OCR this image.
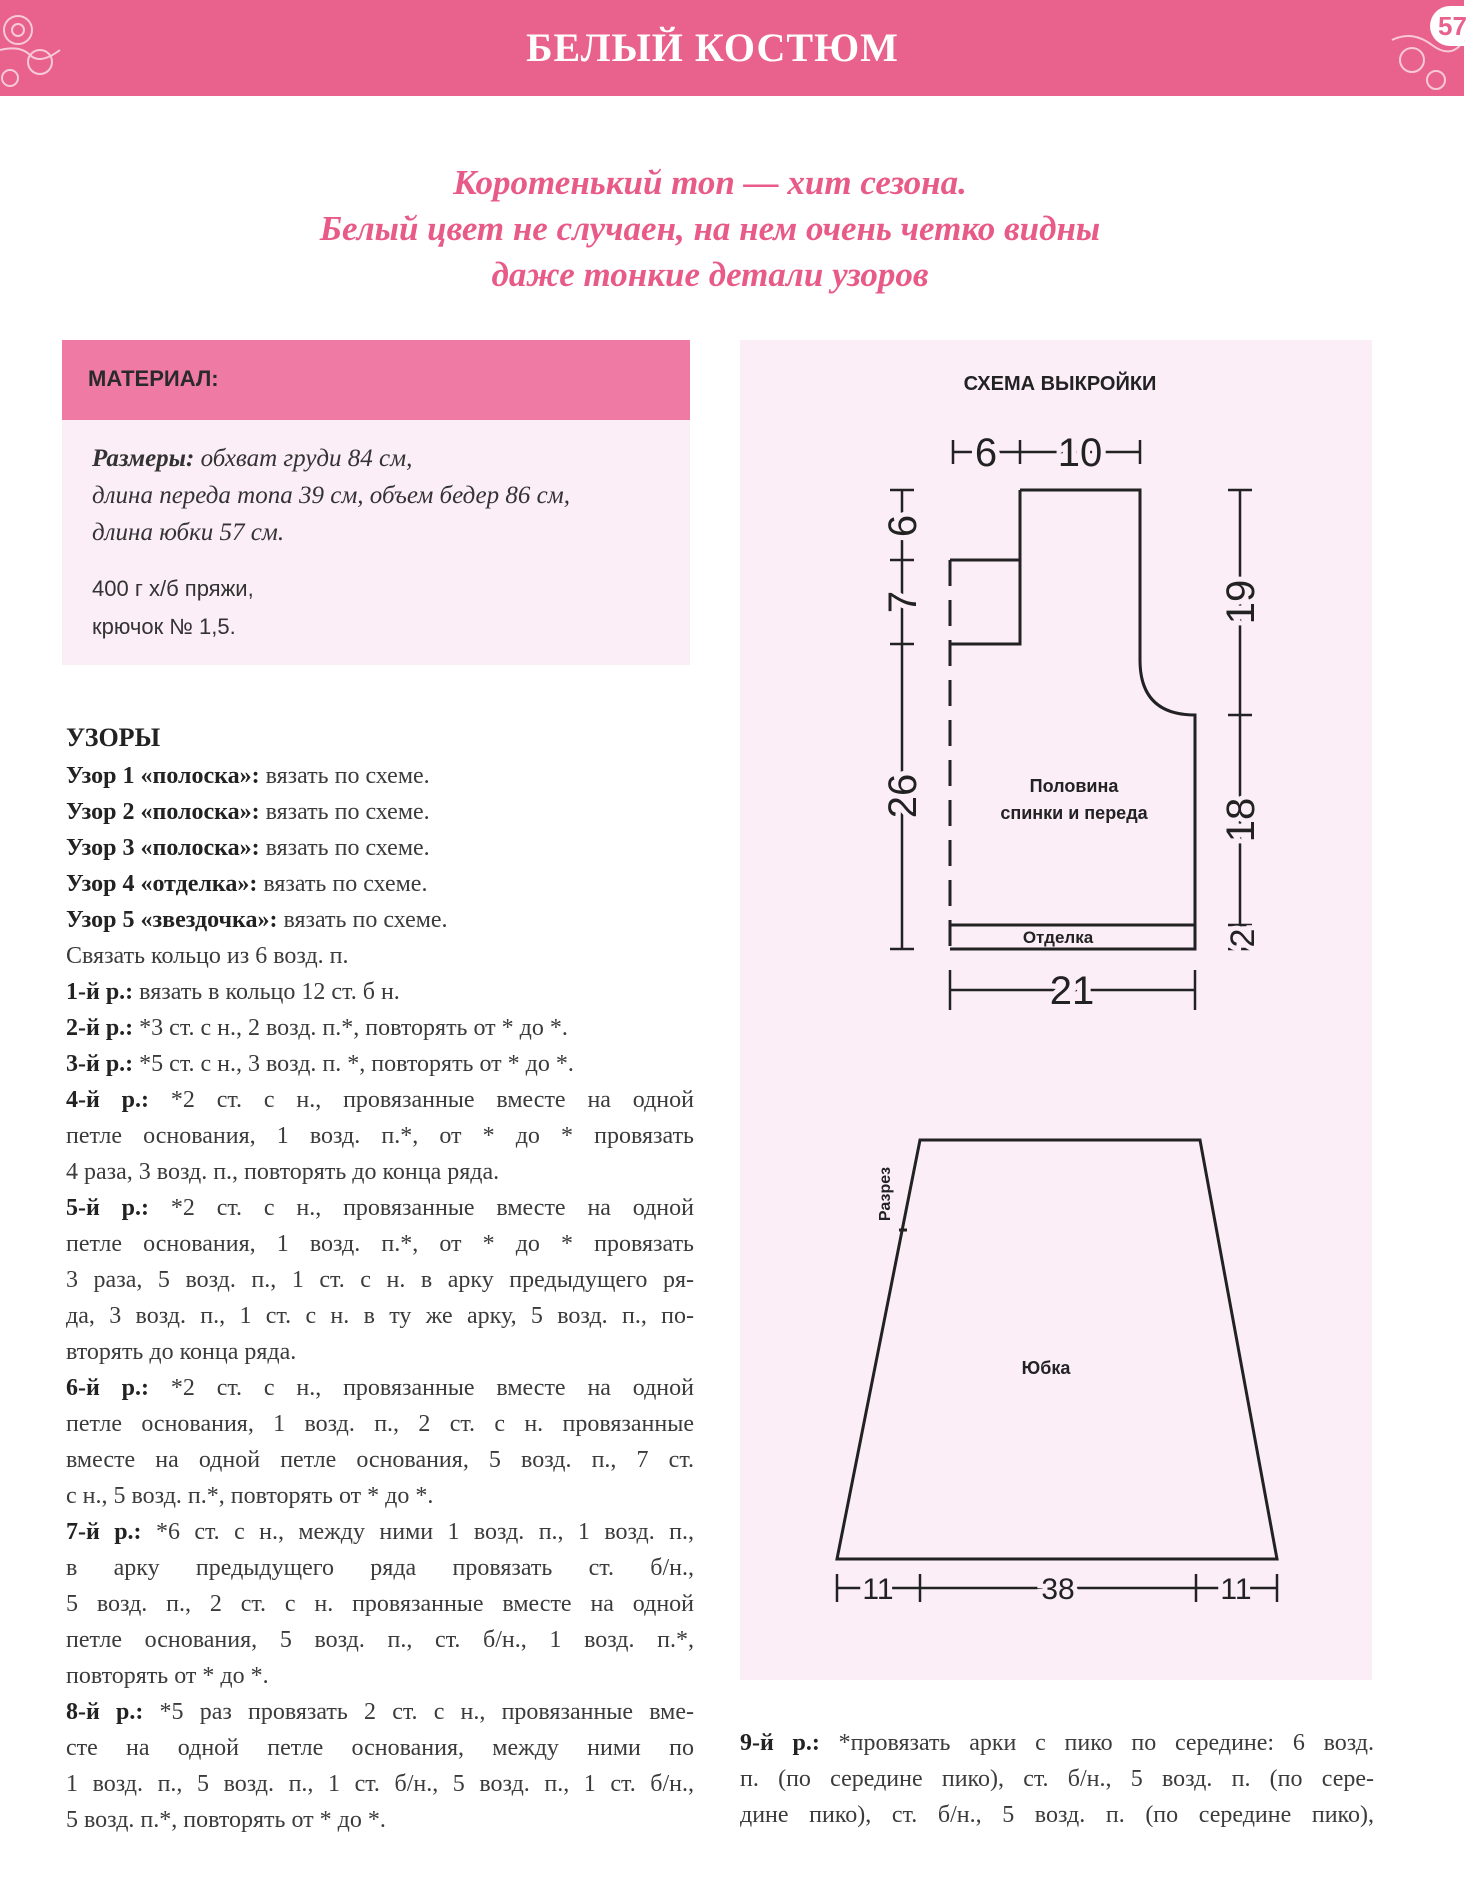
БЕЛЫЙ КОСТЮМ	57
Коротенький топ — хит сезона.
Белый цвет не случаен, на нем очень четко видны
даже тонкие детали узоров
МАТЕРИАЛ:
Размеры: обхват груди 84 см,
длина переда топа 39 см, объем бедер 86 см,
длина юбки 57 см.
400 г х/б пряжи,
крючок № 1,5.
УЗОРЫ
Узор 1 «полоска»: вязать по схеме.
Узор 2 «полоска»: вязать по схеме.
Узор 3 «полоска»: вязать по схеме.
Узор 4 «отделка»: вязать по схеме.
Узор 5 «звездочка»: вязать по схеме.
Связать кольцо из 6 возд. п.
1-й р.: вязать в кольцо 12 ст. б н.
2-й р.: *3 ст. с н., 2 возд. п.*, повторять от * до *.
3-й р.: *5 ст. с н., 3 возд. п. *, повторять от * до *.
4-й р.: *2 ст. с н., провязанные вместе на одной
петле основания, 1 возд. п.*, от * до * провязать
4 раза, 3 возд. п., повторять до конца ряда.
5-й р.: *2 ст. с н., провязанные вместе на одной
петле основания, 1 возд. п.*, от * до * провязать
3 раза, 5 возд. п., 1 ст. с н. в арку предыдущего ря-
да, 3 возд. п., 1 ст. с н. в ту же арку, 5 возд. п., по-
вторять до конца ряда.
6-й р.: *2 ст. с н., провязанные вместе на одной
петле основания, 1 возд. п., 2 ст. с н. провязанные
вместе на одной петле основания, 5 возд. п., 7 ст.
с н., 5 возд. п.*, повторять от * до *.
7-й р.: *6 ст. с н., между ними 1 возд. п., 1 возд. п.,
в арку предыдущего ряда провязать ст. б/н.,
5 возд. п., 2 ст. с н. провязанные вместе на одной
петле основания, 5 возд. п., ст. б/н., 1 возд. п.*,
повторять от * до *.
8-й р.: *5 раз провязать 2 ст. с н., провязанные вме-
сте на одной петле основания, между ними по
1 возд. п., 5 возд. п., 1 ст. б/н., 5 возд. п., 1 ст. б/н.,
5 возд. п.*, повторять от * до *.
СХЕМА ВЫКРОЙКИ
6 10
21
6
7
26
19
18
2
Половина
спинки и переда
Отделка
11	38	11
Юбка
Разрез
9-й р.: *провязать арки с пико по середине: 6 возд.
п. (по середине пико), ст. б/н., 5 возд. п. (по сере-
дине пико), ст. б/н., 5 возд. п. (по середине пико),
